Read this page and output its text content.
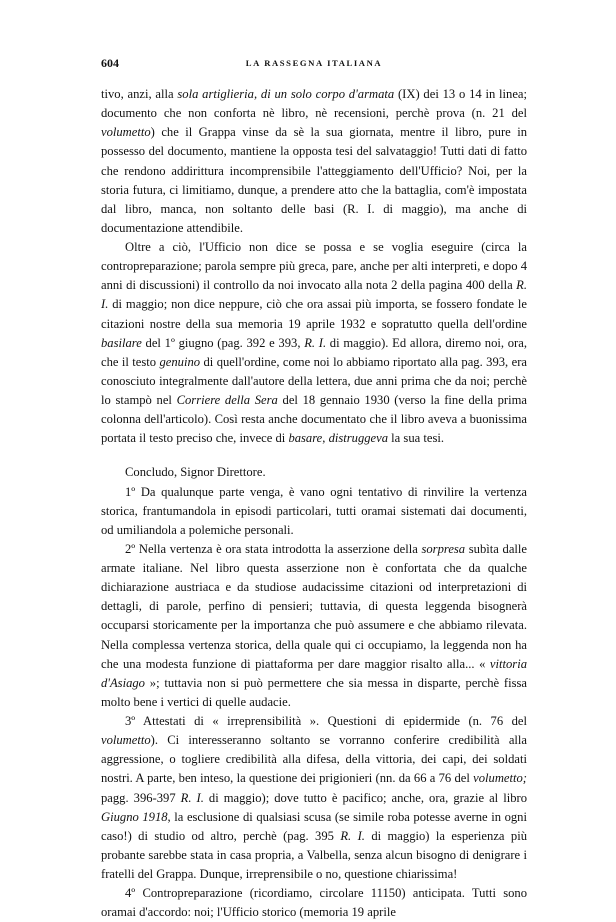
604	LA RASSEGNA ITALIANA

tivo, anzi, alla sola artiglieria, di un solo corpo d'armata (IX) dei 13 o 14 in linea; documento che non conforta nè libro, nè recensioni, perchè prova (n. 21 del volumetto) che il Grappa vinse da sè la sua giornata, mentre il libro, pure in possesso del documento, mantiene la opposta tesi del salvataggio! Tutti dati di fatto che rendono addirittura incomprensibile l'atteggiamento dell'Ufficio? Noi, per la storia futura, ci limitiamo, dunque, a prendere atto che la battaglia, com'è impostata dal libro, manca, non soltanto delle basi (R. I. di maggio), ma anche di documentazione attendibile.

Oltre a ciò, l'Ufficio non dice se possa e se voglia eseguire (circa la contropreparazione; parola sempre più greca, pare, anche per alti interpreti, e dopo 4 anni di discussioni) il controllo da noi invocato alla nota 2 della pagina 400 della R. I. di maggio; non dice neppure, ciò che ora assai più importa, se fossero fondate le citazioni nostre della sua memoria 19 aprile 1932 e sopratutto quella dell'ordine basilare del 1º giugno (pag. 392 e 393, R. I. di maggio). Ed allora, diremo noi, ora, che il testo genuino di quell'ordine, come noi lo abbiamo riportato alla pag. 393, era conosciuto integralmente dall'autore della lettera, due anni prima che da noi; perchè lo stampò nel Corriere della Sera del 18 gennaio 1930 (verso la fine della prima colonna dell'articolo). Così resta anche documentato che il libro aveva a buonissima portata il testo preciso che, invece di basare, distruggeva la sua tesi.

Concludo, Signor Direttore.

1º Da qualunque parte venga, è vano ogni tentativo di rinvilire la vertenza storica, frantumandola in episodi particolari, tutti oramai sistemati dai documenti, od umiliandola a polemiche personali.

2º Nella vertenza è ora stata introdotta la asserzione della sorpresa subìta dalle armate italiane. Nel libro questa asserzione non è confortata che da qualche dichiarazione austriaca e da studiose audacissime citazioni od interpretazioni di dettagli, di parole, perfino di pensieri; tuttavia, di questa leggenda bisognerà occuparsi storicamente per la importanza che può assumere e che abbiamo rilevata. Nella complessa vertenza storica, della quale qui ci occupiamo, la leggenda non ha che una modesta funzione di piattaforma per dare maggior risalto alla... « vittoria d'Asiago »; tuttavia non si può permettere che sia messa in disparte, perchè fissa molto bene i vertici di quelle audacie.

3º Attestati di « irreprensibilità ». Questioni di epidermide (n. 76 del volumetto). Ci interesseranno soltanto se vorranno conferire credibilità alla aggressione, o togliere credibilità alla difesa, della vittoria, dei capi, dei soldati nostri. A parte, ben inteso, la questione dei prigionieri (nn. da 66 a 76 del volumetto; pagg. 396-397 R. I. di maggio); dove tutto è pacifico; anche, ora, grazie al libro Giugno 1918, la esclusione di qualsiasi scusa (se simile roba potesse averne in ogni caso!) di studio od altro, perchè (pag. 395 R. I. di maggio) la esperienza più probante sarebbe stata in casa propria, a Valbella, senza alcun bisogno di denigrare i fratelli del Grappa. Dunque, irreprensibile o no, questione chiarissima!

4º Contropreparazione (ricordiamo, circolare 11150) anticipata. Tutti sono oramai d'accordo: noi; l'Ufficio storico (memoria 19 aprile
